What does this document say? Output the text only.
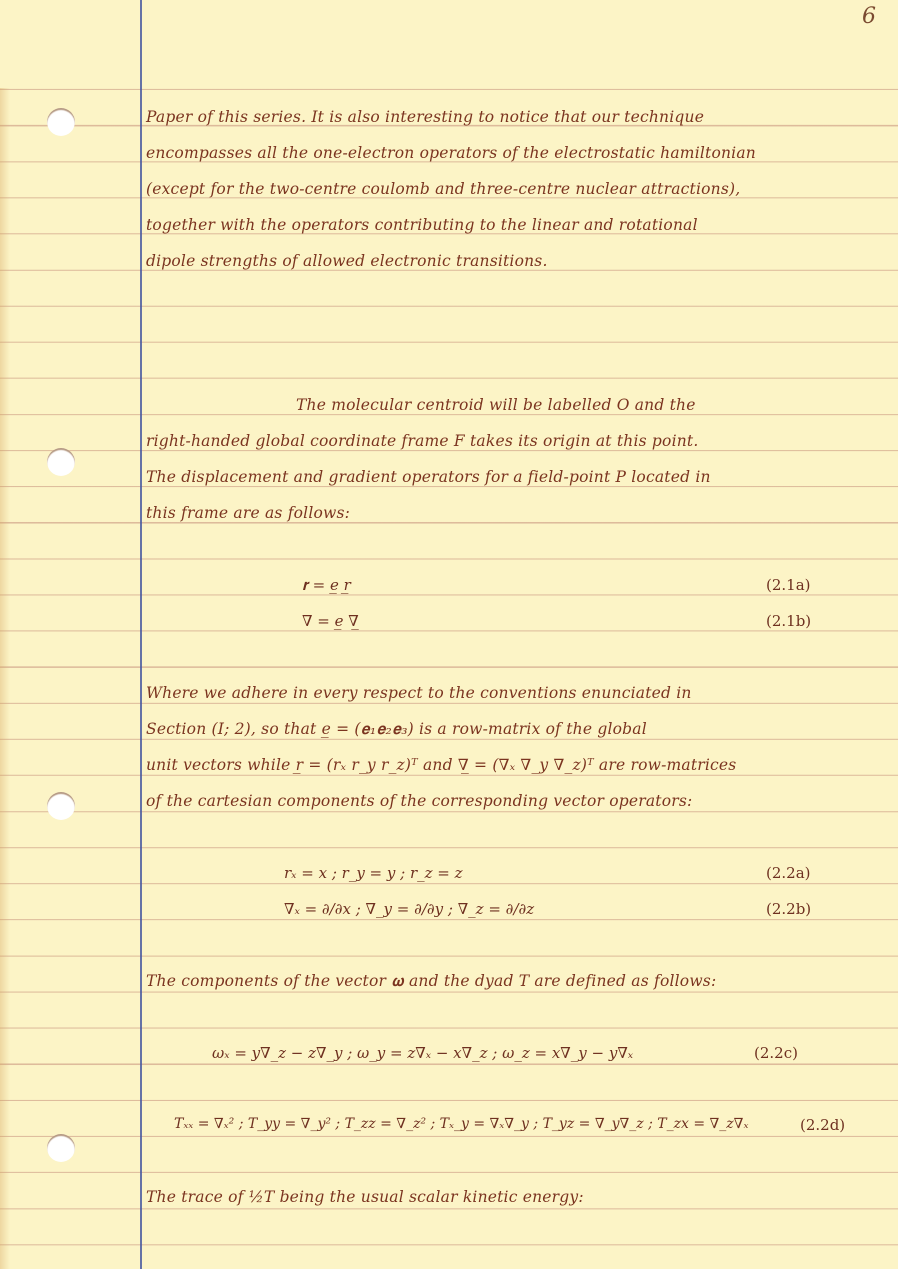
6
Paper of this series. It is also interesting to notice that our technique
encompasses all the one-electron operators of the electrostatic hamiltonian
(except for the two-centre coulomb and three-centre nuclear attractions),
together with the operators contributing to the linear and rotational
dipole strengths of allowed electronic transitions.
The molecular centroid will be labelled O and the
right-handed global coordinate frame F takes its origin at this point.
The displacement and gradient operators for a field-point P located in
this frame are as follows:
𝐫 = e̲ r̲	(2.1a)
∇ = e̲ ∇̲	(2.1b)
Where we adhere in every respect to the conventions enunciated in
Section (I; 2), so that e̲ = (𝐞₁𝐞₂𝐞₃) is a row-matrix of the global
unit vectors while r̲ = (rₓ r_y r_z)ᵀ and ∇̲ = (∇ₓ ∇_y ∇_z)ᵀ are row-matrices
of the cartesian components of the corresponding vector operators:
rₓ = x ; r_y = y ; r_z = z	(2.2a)
∇ₓ = ∂/∂x ; ∇_y = ∂/∂y ; ∇_z = ∂/∂z	(2.2b)
The components of the vector 𝛚 and the dyad T are defined as follows:
ωₓ = y∇_z − z∇_y ; ω_y = z∇ₓ − x∇_z ; ω_z = x∇_y − y∇ₓ	(2.2c)
Tₓₓ = ∇ₓ² ; T_yy = ∇_y² ; T_zz = ∇_z² ; Tₓ_y = ∇ₓ∇_y ; T_yz = ∇_y∇_z ; T_zx = ∇_z∇ₓ	(2.2d)
The trace of ½T being the usual scalar kinetic energy:
